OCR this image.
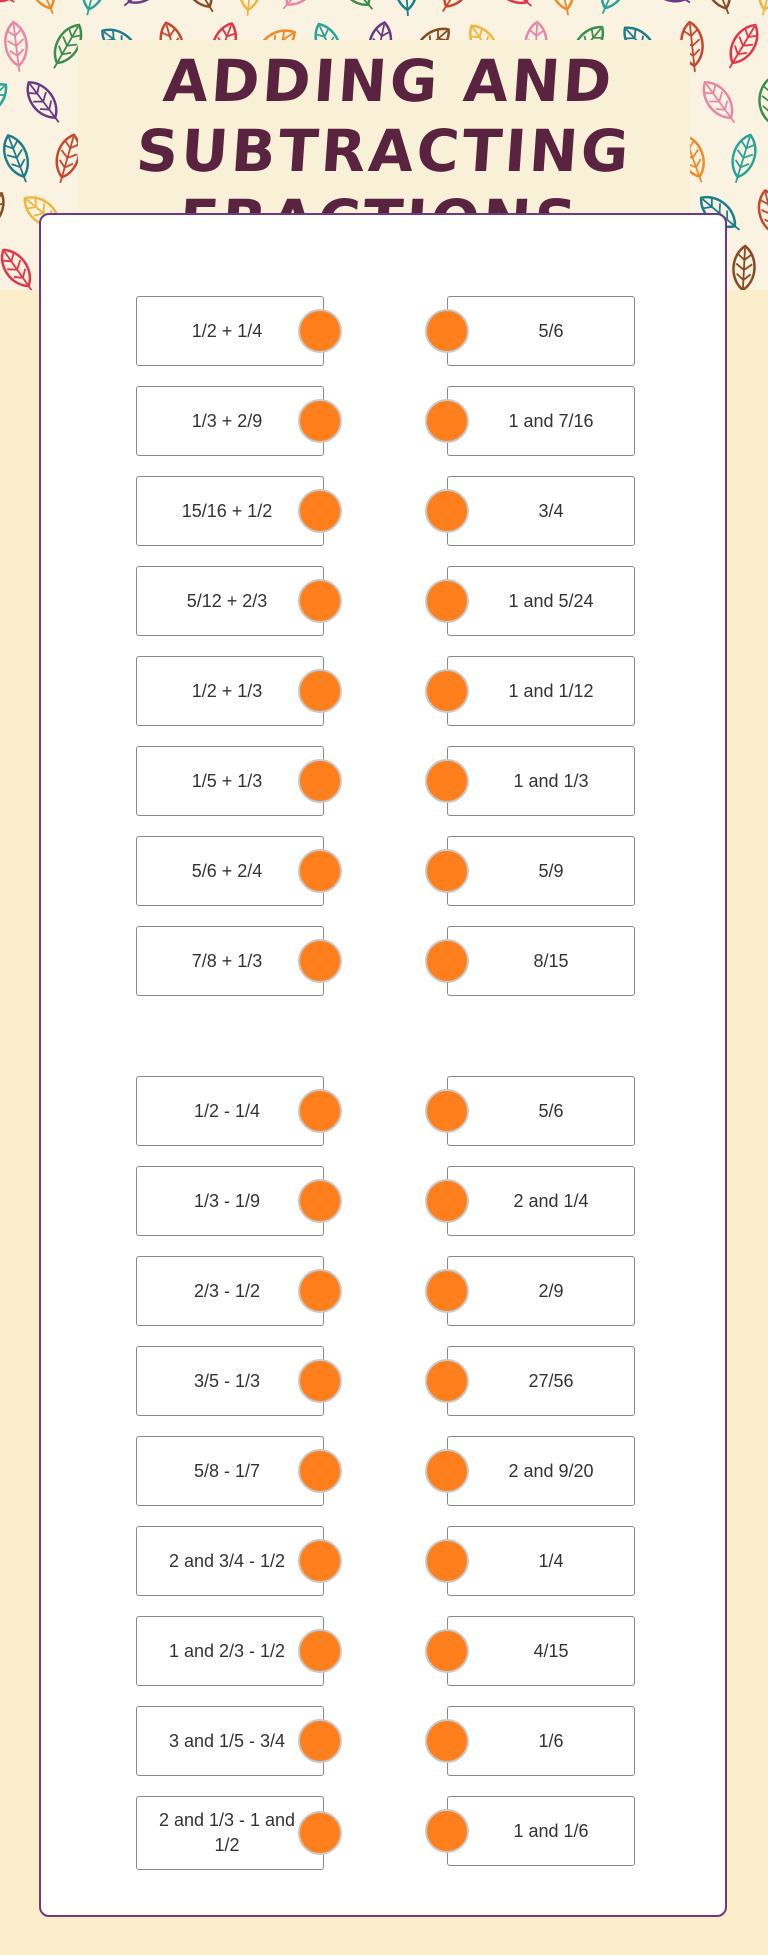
ADDING AND
SUBTRACTING
1/2 + 1/4
1/3 + 2/9
15/16 + 1/2
5/12 + 2/3
1/2 + 1/3
1/5 + 1/3
5/6 + 2/4
7/8 + 1/3
5/6
1 and 7/16
3/4
1 and 5/24
1 and 1/12
1 and 1/3
5/9
8/15
1/2 - 1/4
1/3 - 1/9
2/3 - 1/2
3/5 - 1/3
5/8 - 1/7
2 and 3/4 - 1/2
1 and 2/3 - 1/2
3 and 1/5 - 3/4
2 and 1/3 - 1 and 1/2
5/6
2 and 1/4
2/9
27/56
2 and 9/20
1/4
4/15
1/6
1 and 1/6
